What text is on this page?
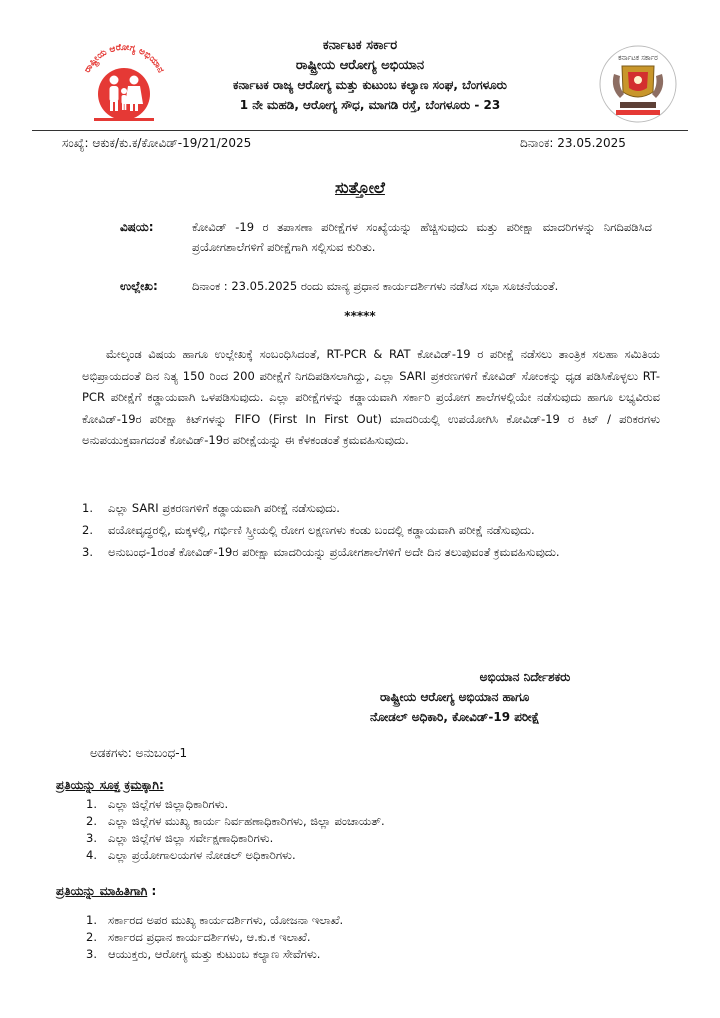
ರಾಷ್ಟ್ರೀಯ ಆರೋಗ್ಯ ಅಭಿಯಾನ
ಕರ್ನಾಟಕ ಸರ್ಕಾರ
ಕರ್ನಾಟಕ ಸರ್ಕಾರ
ರಾಷ್ಟ್ರೀಯ ಆರೋಗ್ಯ ಅಭಿಯಾನ
ಕರ್ನಾಟಕ ರಾಜ್ಯ ಆರೋಗ್ಯ ಮತ್ತು ಕುಟುಂಬ ಕಲ್ಯಾಣ ಸಂಘ, ಬೆಂಗಳೂರು
1 ನೇ ಮಹಡಿ, ಆರೋಗ್ಯ ಸೌಧ, ಮಾಗಡಿ ರಸ್ತೆ, ಬೆಂಗಳೂರು - 23
ಸಂಖ್ಯೆ: ಆಕುಕ/ಕು.ಕ/ಕೋವಿಡ್-19/21/2025	ದಿನಾಂಕ: 23.05.2025
ಸುತ್ತೋಲೆ
ವಿಷಯ:	ಕೋವಿಡ್ -19 ರ ತಪಾಸಣಾ ಪರೀಕ್ಷೆಗಳ ಸಂಖ್ಯೆಯನ್ನು ಹೆಚ್ಚಿಸುವುದು ಮತ್ತು ಪರೀಕ್ಷಾ ಮಾದರಿಗಳನ್ನು ನಿಗದಿಪಡಿಸಿದ ಪ್ರಯೋಗಶಾಲೆಗಳಿಗೆ ಪರೀಕ್ಷೆಗಾಗಿ ಸಲ್ಲಿಸುವ ಕುರಿತು.
ಉಲ್ಲೇಖ:	ದಿನಾಂಕ : 23.05.2025 ರಂದು ಮಾನ್ಯ ಪ್ರಧಾನ ಕಾರ್ಯದರ್ಶಿಗಳು ನಡೆಸಿದ ಸಭಾ ಸೂಚನೆಯಂತೆ.
*****
ಮೇಲ್ಕಂಡ ವಿಷಯ ಹಾಗೂ ಉಲ್ಲೇಖಕ್ಕೆ ಸಂಬಂಧಿಸಿದಂತೆ, RT-PCR & RAT ಕೋವಿಡ್-19 ರ ಪರೀಕ್ಷೆ ನಡೆಸಲು ತಾಂತ್ರಿಕ ಸಲಹಾ ಸಮಿತಿಯ ಅಭಿಪ್ರಾಯದಂತೆ ದಿನ ನಿತ್ಯ 150 ರಿಂದ 200 ಪರೀಕ್ಷೆಗೆ ನಿಗದಿಪಡಿಸಲಾಗಿದ್ದು, ಎಲ್ಲಾ SARI ಪ್ರಕರಣಗಳಿಗೆ ಕೋವಿಡ್ ಸೋಂಕನ್ನು ಧೃಡ ಪಡಿಸಿಕೊಳ್ಳಲು RT-PCR ಪರೀಕ್ಷೆಗೆ ಕಡ್ಡಾಯವಾಗಿ ಒಳಪಡಿಸುವುದು. ಎಲ್ಲಾ ಪರೀಕ್ಷೆಗಳನ್ನು ಕಡ್ಡಾಯವಾಗಿ ಸರ್ಕಾರಿ ಪ್ರಯೋಗ ಶಾಲೆಗಳಲ್ಲಿಯೇ ನಡೆಸುವುದು ಹಾಗೂ ಲಭ್ಯವಿರುವ ಕೋವಿಡ್-19ರ ಪರೀಕ್ಷಾ ಕಿಟ್‌ಗಳನ್ನು FIFO (First In First Out) ಮಾದರಿಯಲ್ಲಿ ಉಪಯೋಗಿಸಿ ಕೋವಿಡ್-19 ರ ಕಿಟ್ / ಪರಿಕರಗಳು ಅನುಪಯುಕ್ತವಾಗದಂತೆ ಕೋವಿಡ್-19ರ ಪರೀಕ್ಷೆಯನ್ನು ಈ ಕೆಳಕಂಡಂತೆ ಕ್ರಮವಹಿಸುವುದು.
1. ಎಲ್ಲಾ SARI ಪ್ರಕರಣಗಳಿಗೆ ಕಡ್ಡಾಯವಾಗಿ ಪರೀಕ್ಷೆ ನಡೆಸುವುದು.
2. ವಯೋವೃದ್ಧರಲ್ಲಿ, ಮಕ್ಕಳಲ್ಲಿ, ಗರ್ಭಿಣಿ ಸ್ತ್ರೀಯಲ್ಲಿ ರೋಗ ಲಕ್ಷಣಗಳು ಕಂಡು ಬಂದಲ್ಲಿ ಕಡ್ಡಾಯವಾಗಿ ಪರೀಕ್ಷೆ ನಡೆಸುವುದು.
3. ಅನುಬಂಧ-1ರಂತೆ ಕೋವಿಡ್-19ರ ಪರೀಕ್ಷಾ ಮಾದರಿಯನ್ನು ಪ್ರಯೋಗಶಾಲೆಗಳಿಗೆ ಅದೇ ದಿನ ತಲುಪುವಂತೆ ಕ್ರಮವಹಿಸುವುದು.
ಅಭಿಯಾನ ನಿರ್ದೇಶಕರು
ರಾಷ್ಟ್ರೀಯ ಆರೋಗ್ಯ ಅಭಿಯಾನ ಹಾಗೂ
ನೋಡಲ್ ಅಧಿಕಾರಿ, ಕೋವಿಡ್-19 ಪರೀಕ್ಷೆ
ಅಡಕಗಳು: ಅನುಬಂಧ-1
ಪ್ರತಿಯನ್ನು ಸೂಕ್ತ ಕ್ರಮಕ್ಕಾಗಿ:
1. ಎಲ್ಲಾ ಜಿಲ್ಲೆಗಳ ಜಿಲ್ಲಾಧಿಕಾರಿಗಳು.
2. ಎಲ್ಲಾ ಜಿಲ್ಲೆಗಳ ಮುಖ್ಯ ಕಾರ್ಯ ನಿರ್ವಹಣಾಧಿಕಾರಿಗಳು, ಜಿಲ್ಲಾ ಪಂಚಾಯತ್.
3. ಎಲ್ಲಾ ಜಿಲ್ಲೆಗಳ ಜಿಲ್ಲಾ ಸರ್ವೇಕ್ಷಣಾಧಿಕಾರಿಗಳು.
4. ಎಲ್ಲಾ ಪ್ರಯೋಗಾಲಯಗಳ ನೋಡಲ್ ಅಧಿಕಾರಿಗಳು.
ಪ್ರತಿಯನ್ನು ಮಾಹಿತಿಗಾಗಿ :
1. ಸರ್ಕಾರದ ಅಪರ ಮುಖ್ಯ ಕಾರ್ಯದರ್ಶಿಗಳು, ಯೋಜನಾ ಇಲಾಖೆ.
2. ಸರ್ಕಾರದ ಪ್ರಧಾನ ಕಾರ್ಯದರ್ಶಿಗಳು, ಆ.ಕು.ಕ ಇಲಾಖೆ.
3. ಆಯುಕ್ತರು, ಆರೋಗ್ಯ ಮತ್ತು ಕುಟುಂಬ ಕಲ್ಯಾಣ ಸೇವೆಗಳು.
